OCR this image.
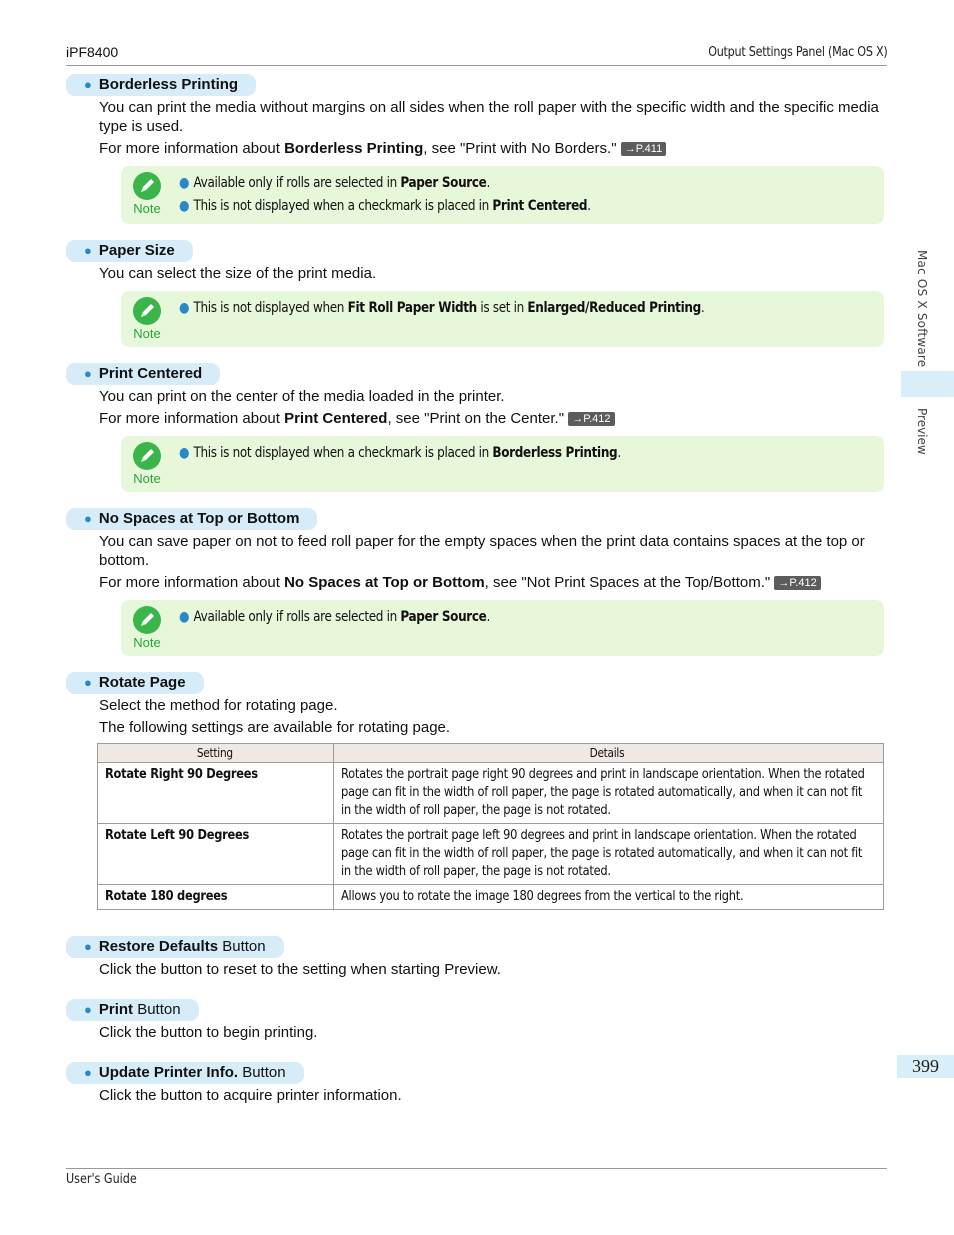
iPF8400	Output Settings Panel (Mac OS X)
Mac OS X Software
Preview
399
● Borderless Printing
You can print the media without margins on all sides when the roll paper with the specific width and the specific media type is used.
For more information about Borderless Printing, see "Print with No Borders." →P.411
Note
● Available only if rolls are selected in Paper Source.
● This is not displayed when a checkmark is placed in Print Centered.
● Paper Size
You can select the size of the print media.
Note
● This is not displayed when Fit Roll Paper Width is set in Enlarged/Reduced Printing.
● Print Centered
You can print on the center of the media loaded in the printer.
For more information about Print Centered, see "Print on the Center." →P.412
Note
● This is not displayed when a checkmark is placed in Borderless Printing.
● No Spaces at Top or Bottom
You can save paper on not to feed roll paper for the empty spaces when the print data contains spaces at the top or bottom.
For more information about No Spaces at Top or Bottom, see "Not Print Spaces at the Top/Bottom." →P.412
Note
● Available only if rolls are selected in Paper Source.
● Rotate Page
Select the method for rotating page.
The following settings are available for rotating page.
Setting	Details
Rotate Right 90 Degrees	Rotates the portrait page right 90 degrees and print in landscape orientation. When the rotated page can fit in the width of roll paper, the page is rotated automatically, and when it can not fit in the width of roll paper, the page is not rotated.
Rotate Left 90 Degrees	Rotates the portrait page left 90 degrees and print in landscape orientation. When the rotated page can fit in the width of roll paper, the page is rotated automatically, and when it can not fit in the width of roll paper, the page is not rotated.
Rotate 180 degrees	Allows you to rotate the image 180 degrees from the vertical to the right.
● Restore Defaults Button
Click the button to reset to the setting when starting Preview.
● Print Button
Click the button to begin printing.
● Update Printer Info. Button
Click the button to acquire printer information.
User's Guide
